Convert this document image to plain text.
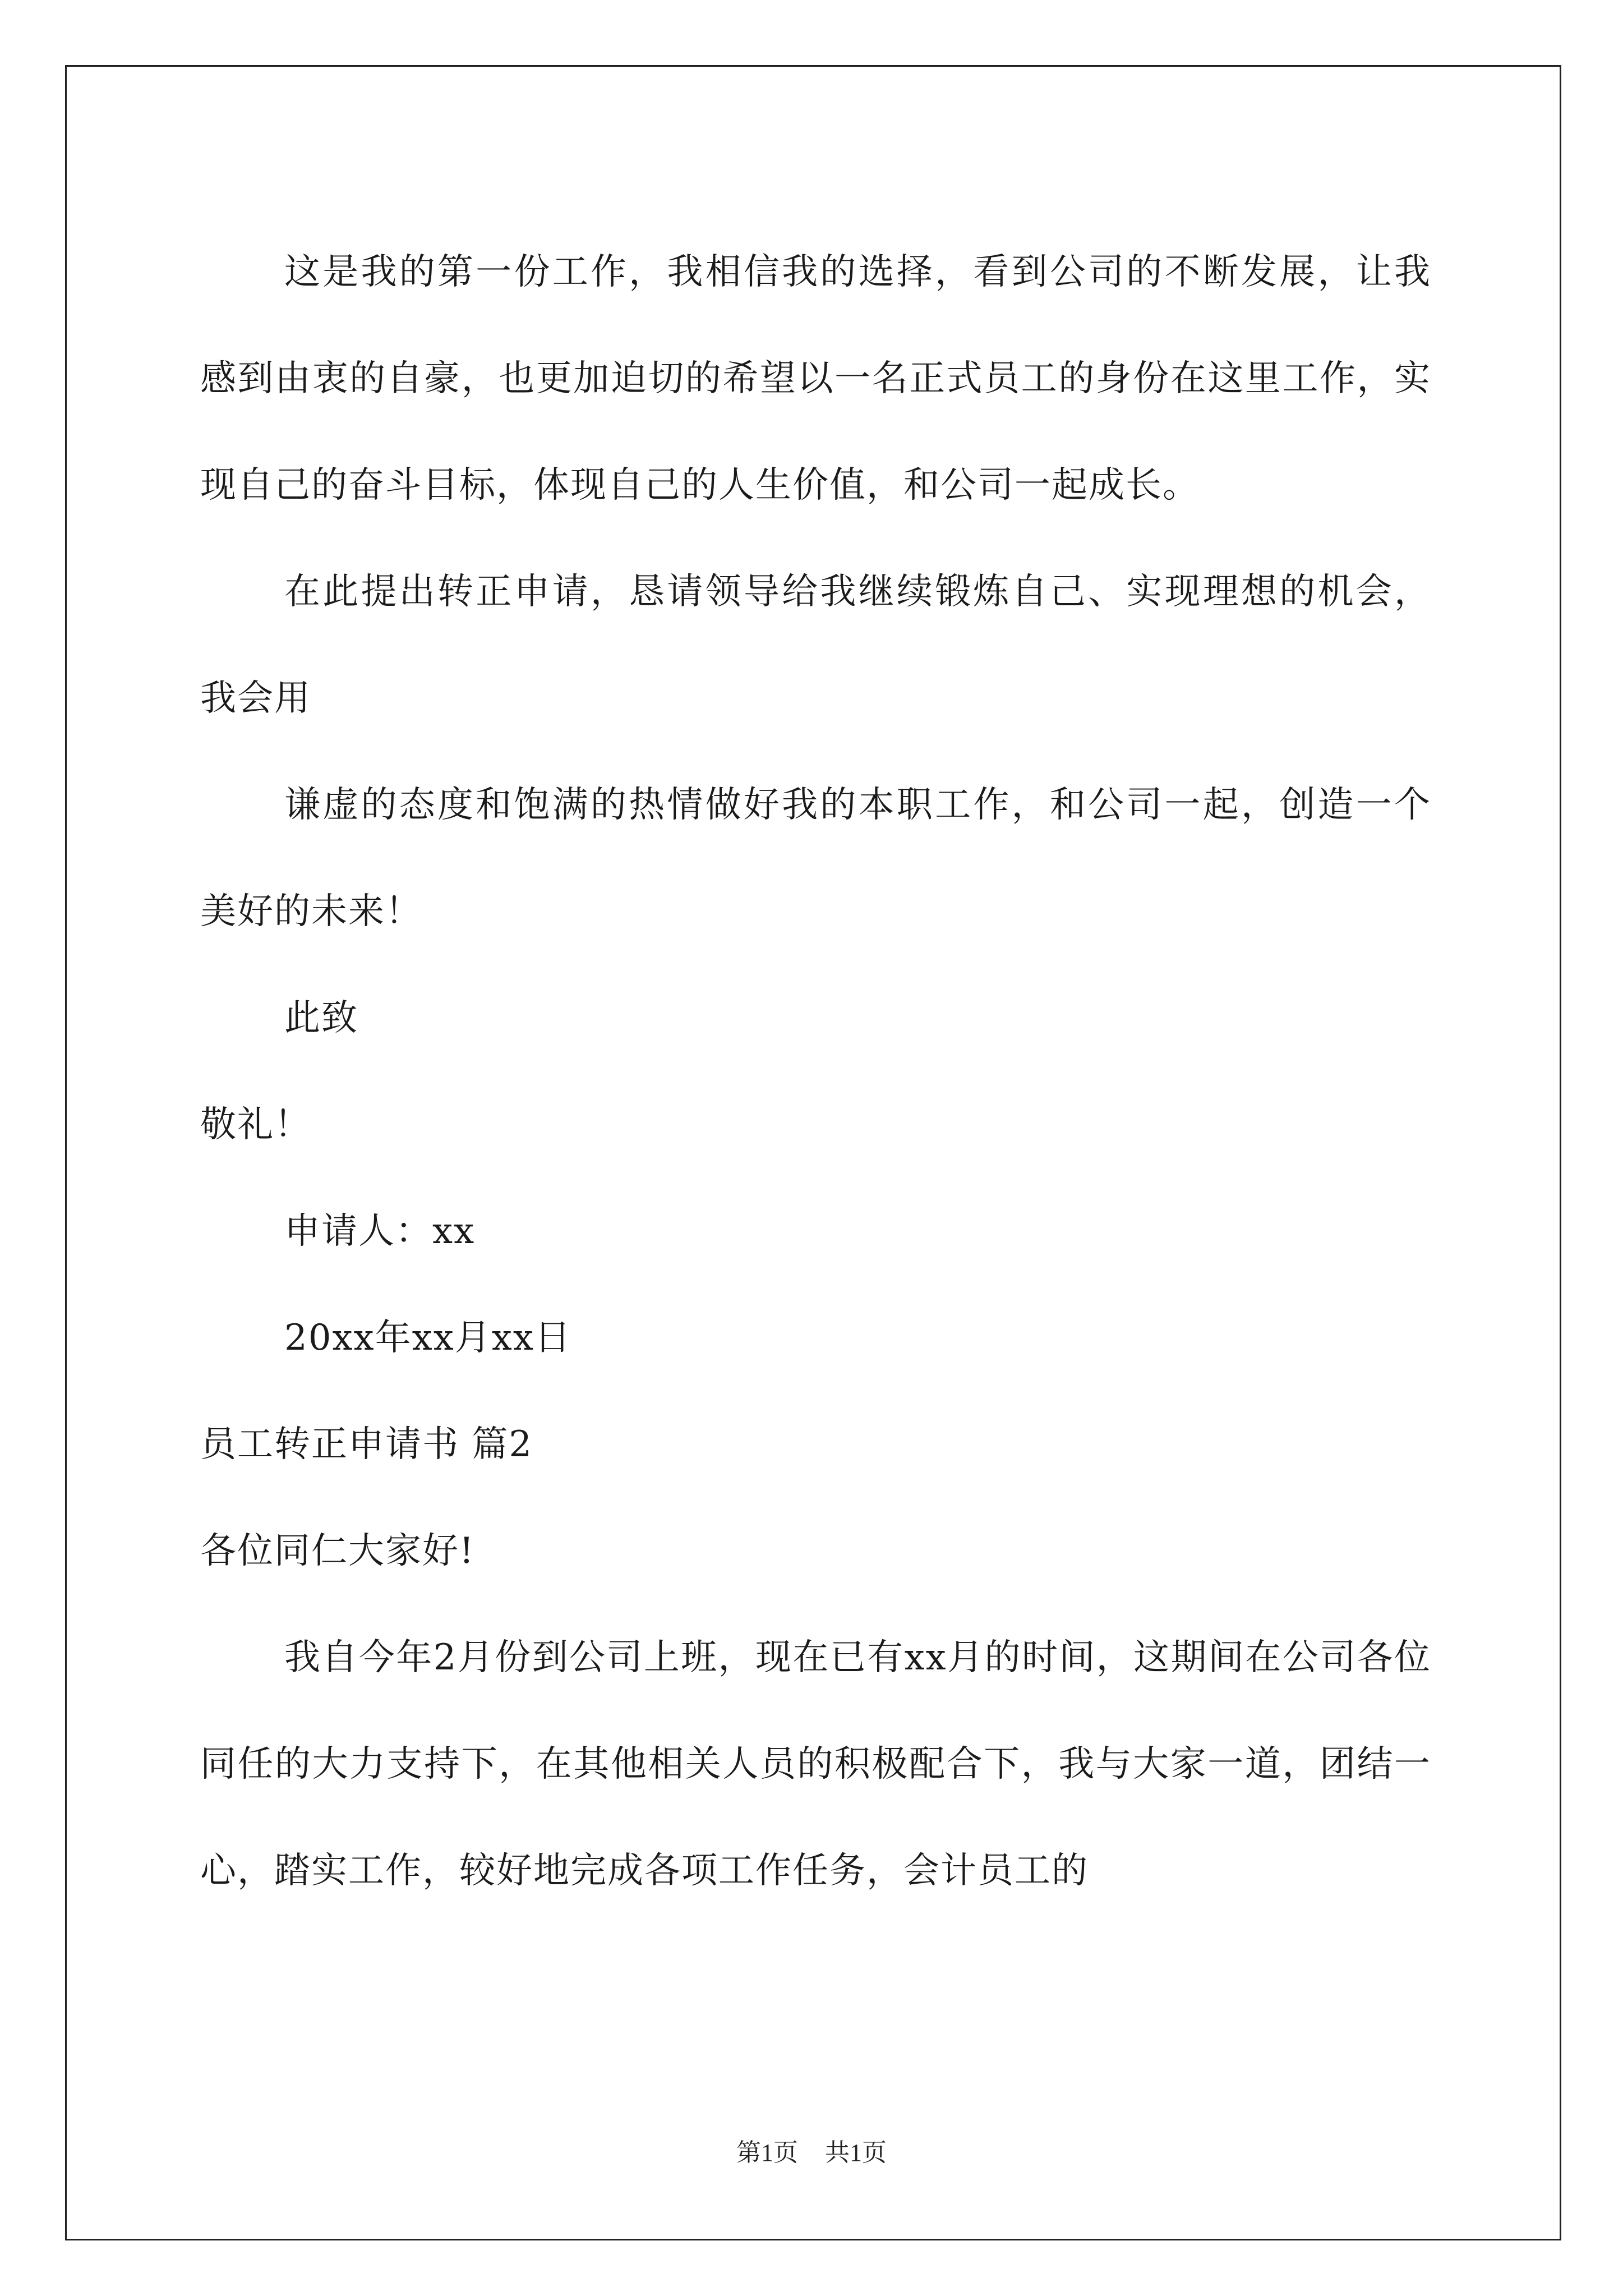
这是我的第一份工作，我相信我的选择，看到公司的不断发展，让我感到由衷的自豪，也更加迫切的希望以一名正式员工的身份在这里工作，实现自己的奋斗目标，体现自己的人生价值，和公司一起成长。

在此提出转正申请，恳请领导给我继续锻炼自己、实现理想的机会，我会用

谦虚的态度和饱满的热情做好我的本职工作，和公司一起，创造一个美好的未来！

此致

敬礼！

申请人：xx

20xx年xx月xx日

员工转正申请书 篇2

各位同仁大家好!

我自今年2月份到公司上班，现在已有xx月的时间，这期间在公司各位同任的大力支持下，在其他相关人员的积极配合下，我与大家一道，团结一心，踏实工作，较好地完成各项工作任务，会计员工的

第1页 共1页
